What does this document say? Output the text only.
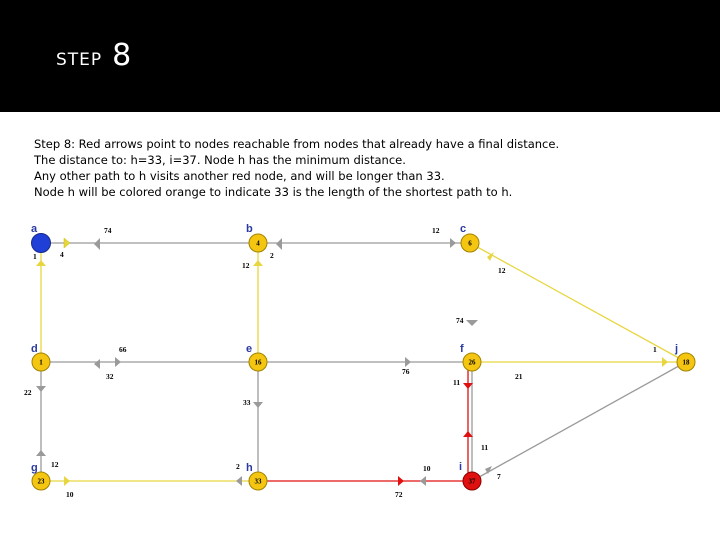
STEP 8
Step 8: Red arrows point to nodes reachable from nodes that already have a final distance.
The distance to: h=33, i=37. Node h has the minimum distance.
Any other path to h visits another red node, and will be longer than 33.
Node h will be colored orange to indicate 33 is the length of the shortest path to h.
74
1	4
12
2
12
12
74
66	1
32
76
11
21
22
33
12
10
2	10
72
11
7
a
4
b
6
c
1
d
16
e
26
f
18
j
23
g
33
h
37
i
